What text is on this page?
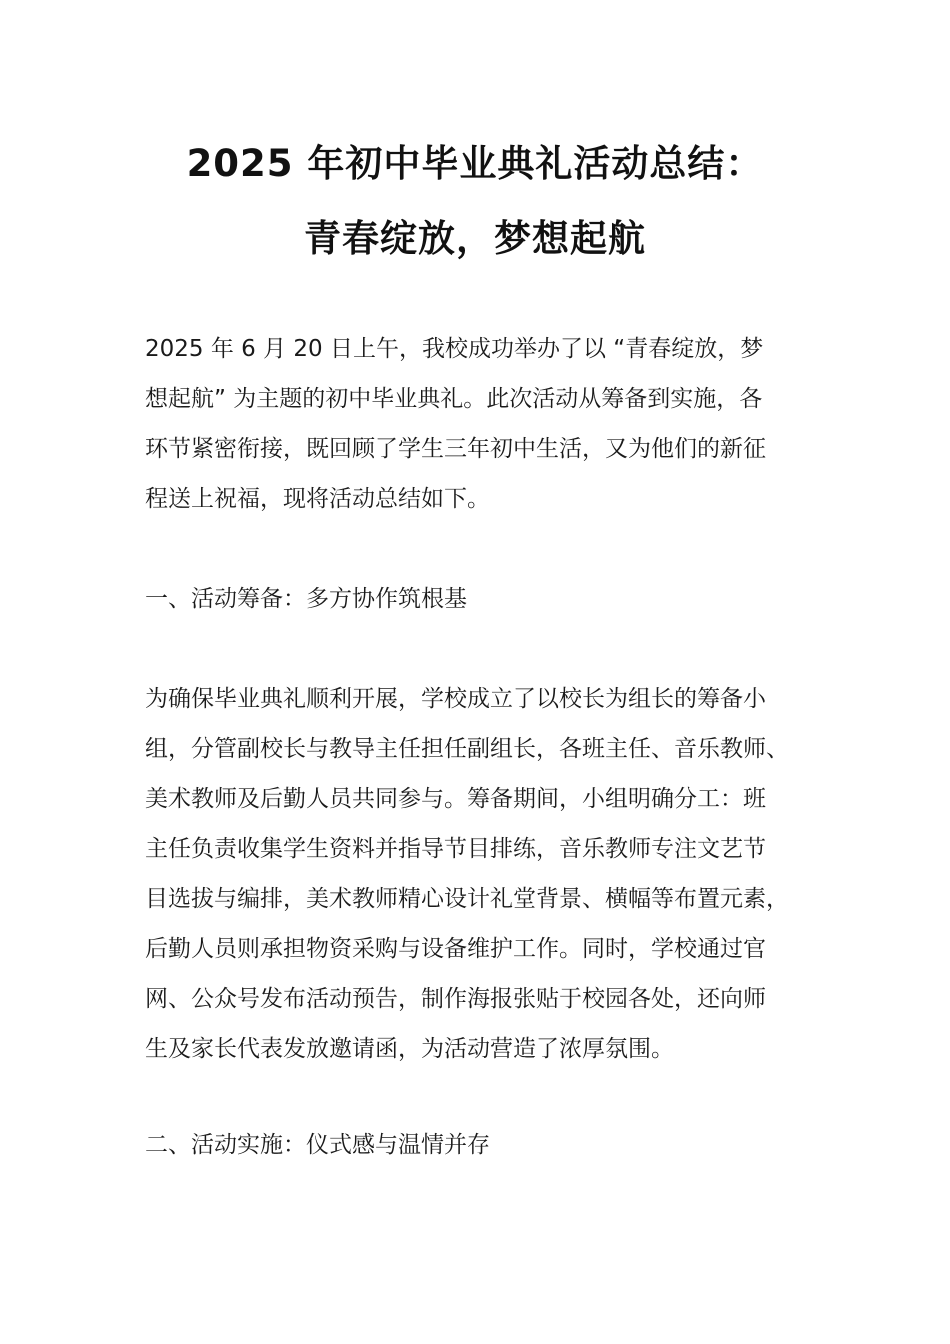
2025 年初中毕业典礼活动总结：
青春绽放，梦想起航
2025 年 6 月 20 日上午，我校成功举办了以 “青春绽放，梦
想起航” 为主题的初中毕业典礼。此次活动从筹备到实施，各
环节紧密衔接，既回顾了学生三年初中生活，又为他们的新征
程送上祝福，现将活动总结如下。
一、活动筹备：多方协作筑根基
为确保毕业典礼顺利开展，学校成立了以校长为组长的筹备小
组，分管副校长与教导主任担任副组长，各班主任、音乐教师、
美术教师及后勤人员共同参与。筹备期间，小组明确分工：班
主任负责收集学生资料并指导节目排练，音乐教师专注文艺节
目选拔与编排，美术教师精心设计礼堂背景、横幅等布置元素，
后勤人员则承担物资采购与设备维护工作。同时，学校通过官
网、公众号发布活动预告，制作海报张贴于校园各处，还向师
生及家长代表发放邀请函，为活动营造了浓厚氛围。
二、活动实施：仪式感与温情并存
